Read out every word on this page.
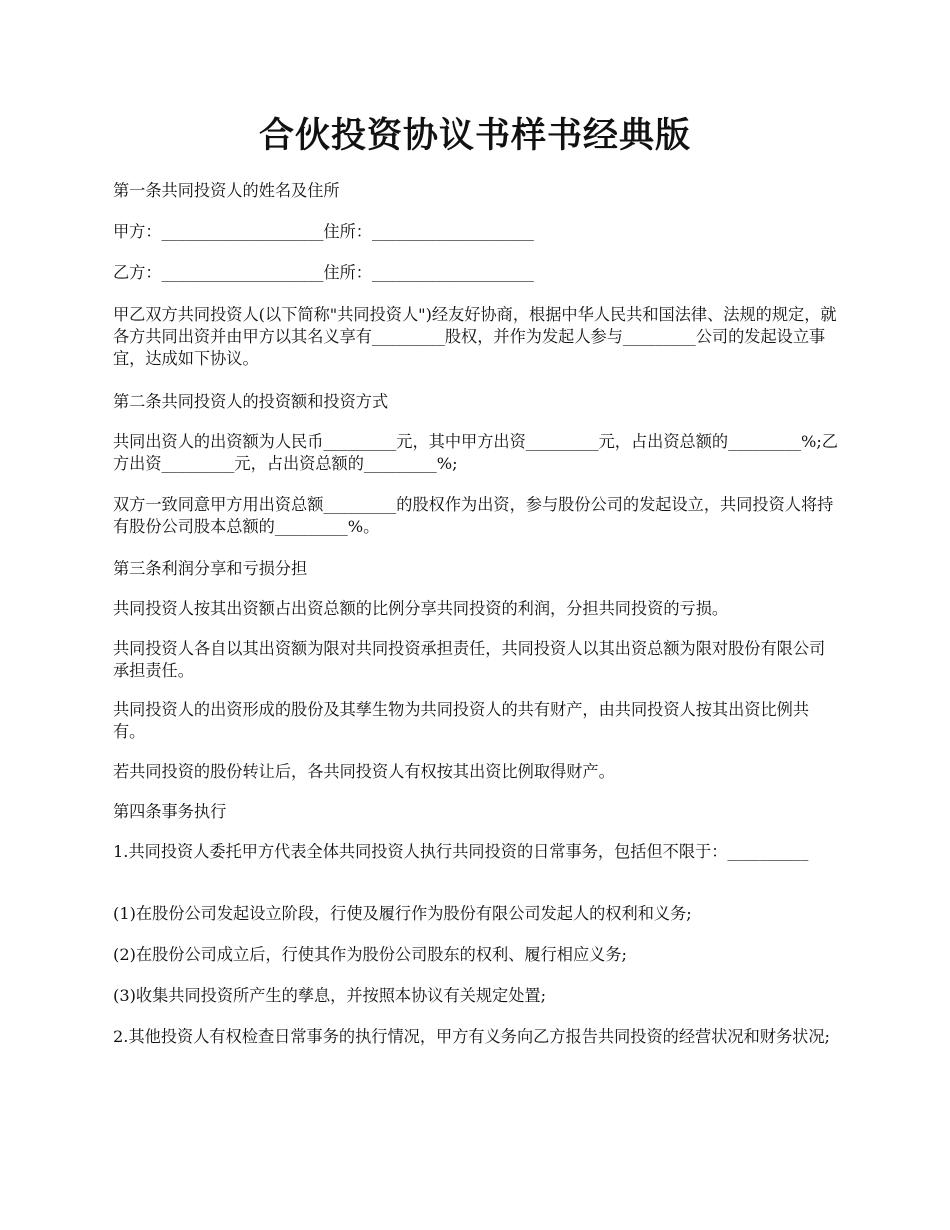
合伙投资协议书样书经典版

第一条共同投资人的姓名及住所

甲方：____________________住所：____________________

乙方：____________________住所：____________________

甲乙双方共同投资人(以下简称"共同投资人")经友好协商，根据中华人民共和国法律、法规的规定，就各方共同出资并由甲方以其名义享有_________股权，并作为发起人参与_________公司的发起设立事宜，达成如下协议。

第二条共同投资人的投资额和投资方式

共同出资人的出资额为人民币_________元，其中甲方出资_________元，占出资总额的_________%;乙方出资_________元，占出资总额的_________%;

双方一致同意甲方用出资总额_________的股权作为出资，参与股份公司的发起设立，共同投资人将持有股份公司股本总额的_________%。

第三条利润分享和亏损分担

共同投资人按其出资额占出资总额的比例分享共同投资的利润，分担共同投资的亏损。

共同投资人各自以其出资额为限对共同投资承担责任，共同投资人以其出资总额为限对股份有限公司承担责任。

共同投资人的出资形成的股份及其孳生物为共同投资人的共有财产，由共同投资人按其出资比例共有。

若共同投资的股份转让后，各共同投资人有权按其出资比例取得财产。

第四条事务执行

1.共同投资人委托甲方代表全体共同投资人执行共同投资的日常事务，包括但不限于：__________

(1)在股份公司发起设立阶段，行使及履行作为股份有限公司发起人的权利和义务;

(2)在股份公司成立后，行使其作为股份公司股东的权利、履行相应义务;

(3)收集共同投资所产生的孳息，并按照本协议有关规定处置;

2.其他投资人有权检查日常事务的执行情况，甲方有义务向乙方报告共同投资的经营状况和财务状况;
